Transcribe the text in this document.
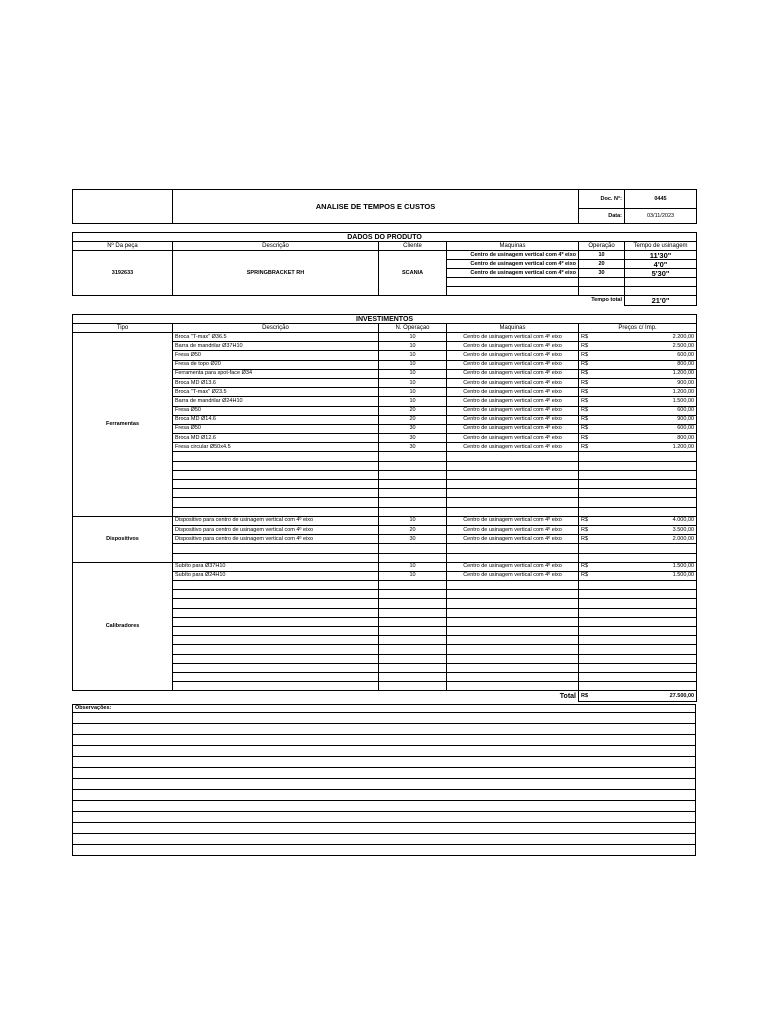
	ANALISE DE TEMPOS E CUSTOS	Doc. N°:	0445
		Data:	03/11/2023
DADOS DO PRODUTO					
Nº Da peça	Descrição	Cliente	Maquinas	Operação	Tempo de usinagem
3192633	SPRINGBRACKET RH	SCANIA	Centro de usinagem vertical com 4º eixo	10	11'30"
			Centro de usinagem vertical com 4º eixo	20	4'0"
			Centro de usinagem vertical com 4º eixo	30	5'30"

				Tempo total	21'0"
INVESTIMENTOS					
Tipo	Descrição	N. Operaçao	Maquinas	Preços c/ Imp.	
Ferramentas	Broca "T-max" Ø36.5	10	Centro de usinagem vertical com 4º eixo	R$	2.200,00
	Barra de mandrilar Ø37H10	10	Centro de usinagem vertical com 4º eixo	R$	2.500,00
	Fresa Ø50	10	Centro de usinagem vertical com 4º eixo	R$	600,00
	Fresa de topo Ø20	10	Centro de usinagem vertical com 4º eixo	R$	800,00
	Ferramenta para spot-face Ø34	10	Centro de usinagem vertical com 4º eixo	R$	1.200,00
	Broca MD Ø13.6	10	Centro de usinagem vertical com 4º eixo	R$	900,00
	Broca "T-max" Ø23.5	10	Centro de usinagem vertical com 4º eixo	R$	1.200,00
	Barra de mandrilar Ø24H10	10	Centro de usinagem vertical com 4º eixo	R$	1.500,00
	Fresa Ø50	20	Centro de usinagem vertical com 4º eixo	R$	600,00
	Broca MD Ø14.6	20	Centro de usinagem vertical com 4º eixo	R$	900,00
	Fresa Ø50	30	Centro de usinagem vertical com 4º eixo	R$	600,00
	Broca MD Ø12.6	30	Centro de usinagem vertical com 4º eixo	R$	800,00
	Fresa circular Ø50x4.5	30	Centro de usinagem vertical com 4º eixo	R$	1.200,00

Dispositivos	Dispositivo para centro de usinagem vertical com 4º eixo	10	Centro de usinagem vertical com 4º eixo	R$	4.000,00
	Dispositivo para centro de usinagem vertical com 4º eixo	20	Centro de usinagem vertical com 4º eixo	R$	3.500,00
	Dispositivo para centro de usinagem vertical com 4º eixo	30	Centro de usinagem vertical com 4º eixo	R$	2.000,00

Calibradores	Subíto para Ø37H10	10	Centro de usinagem vertical com 4º eixo	R$	1.500,00
	Subíto para Ø24H10	10	Centro de usinagem vertical com 4º eixo	R$	1.500,00

			Total	R$	27.500,00
Observações:
